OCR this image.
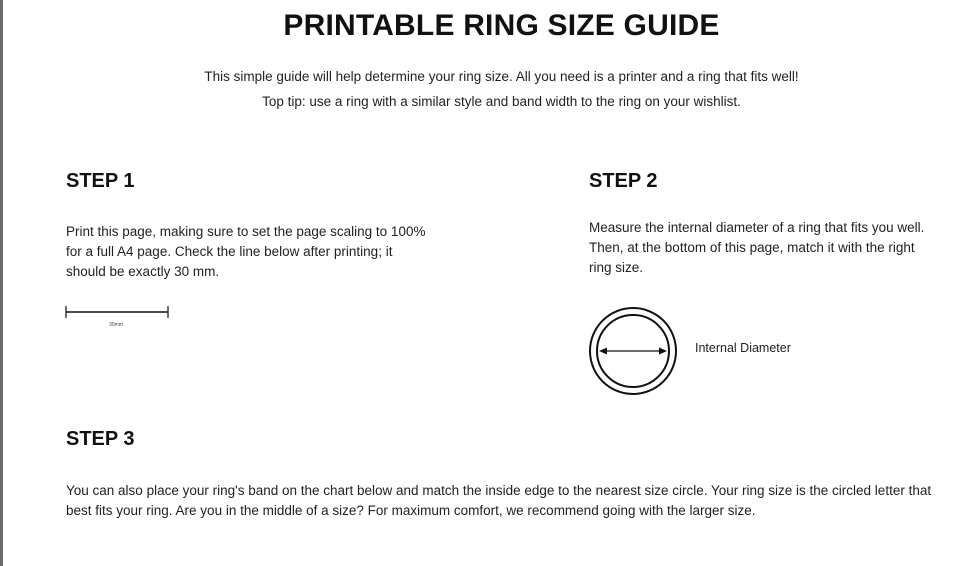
PRINTABLE RING SIZE GUIDE
This simple guide will help determine your ring size. All you need is a printer and a ring that fits well!
Top tip: use a ring with a similar style and band width to the ring on your wishlist.
STEP 1
Print this page, making sure to set the page scaling to 100% for a full A4 page. Check the line below after printing; it should be exactly 30 mm.
30mm
STEP 2
Measure the internal diameter of a ring that fits you well. Then, at the bottom of this page, match it with the right ring size.
Internal Diameter
STEP 3
You can also place your ring's band on the chart below and match the inside edge to the nearest size circle. Your ring size is the circled letter that best fits your ring. Are you in the middle of a size? For maximum comfort, we recommend going with the larger size.
